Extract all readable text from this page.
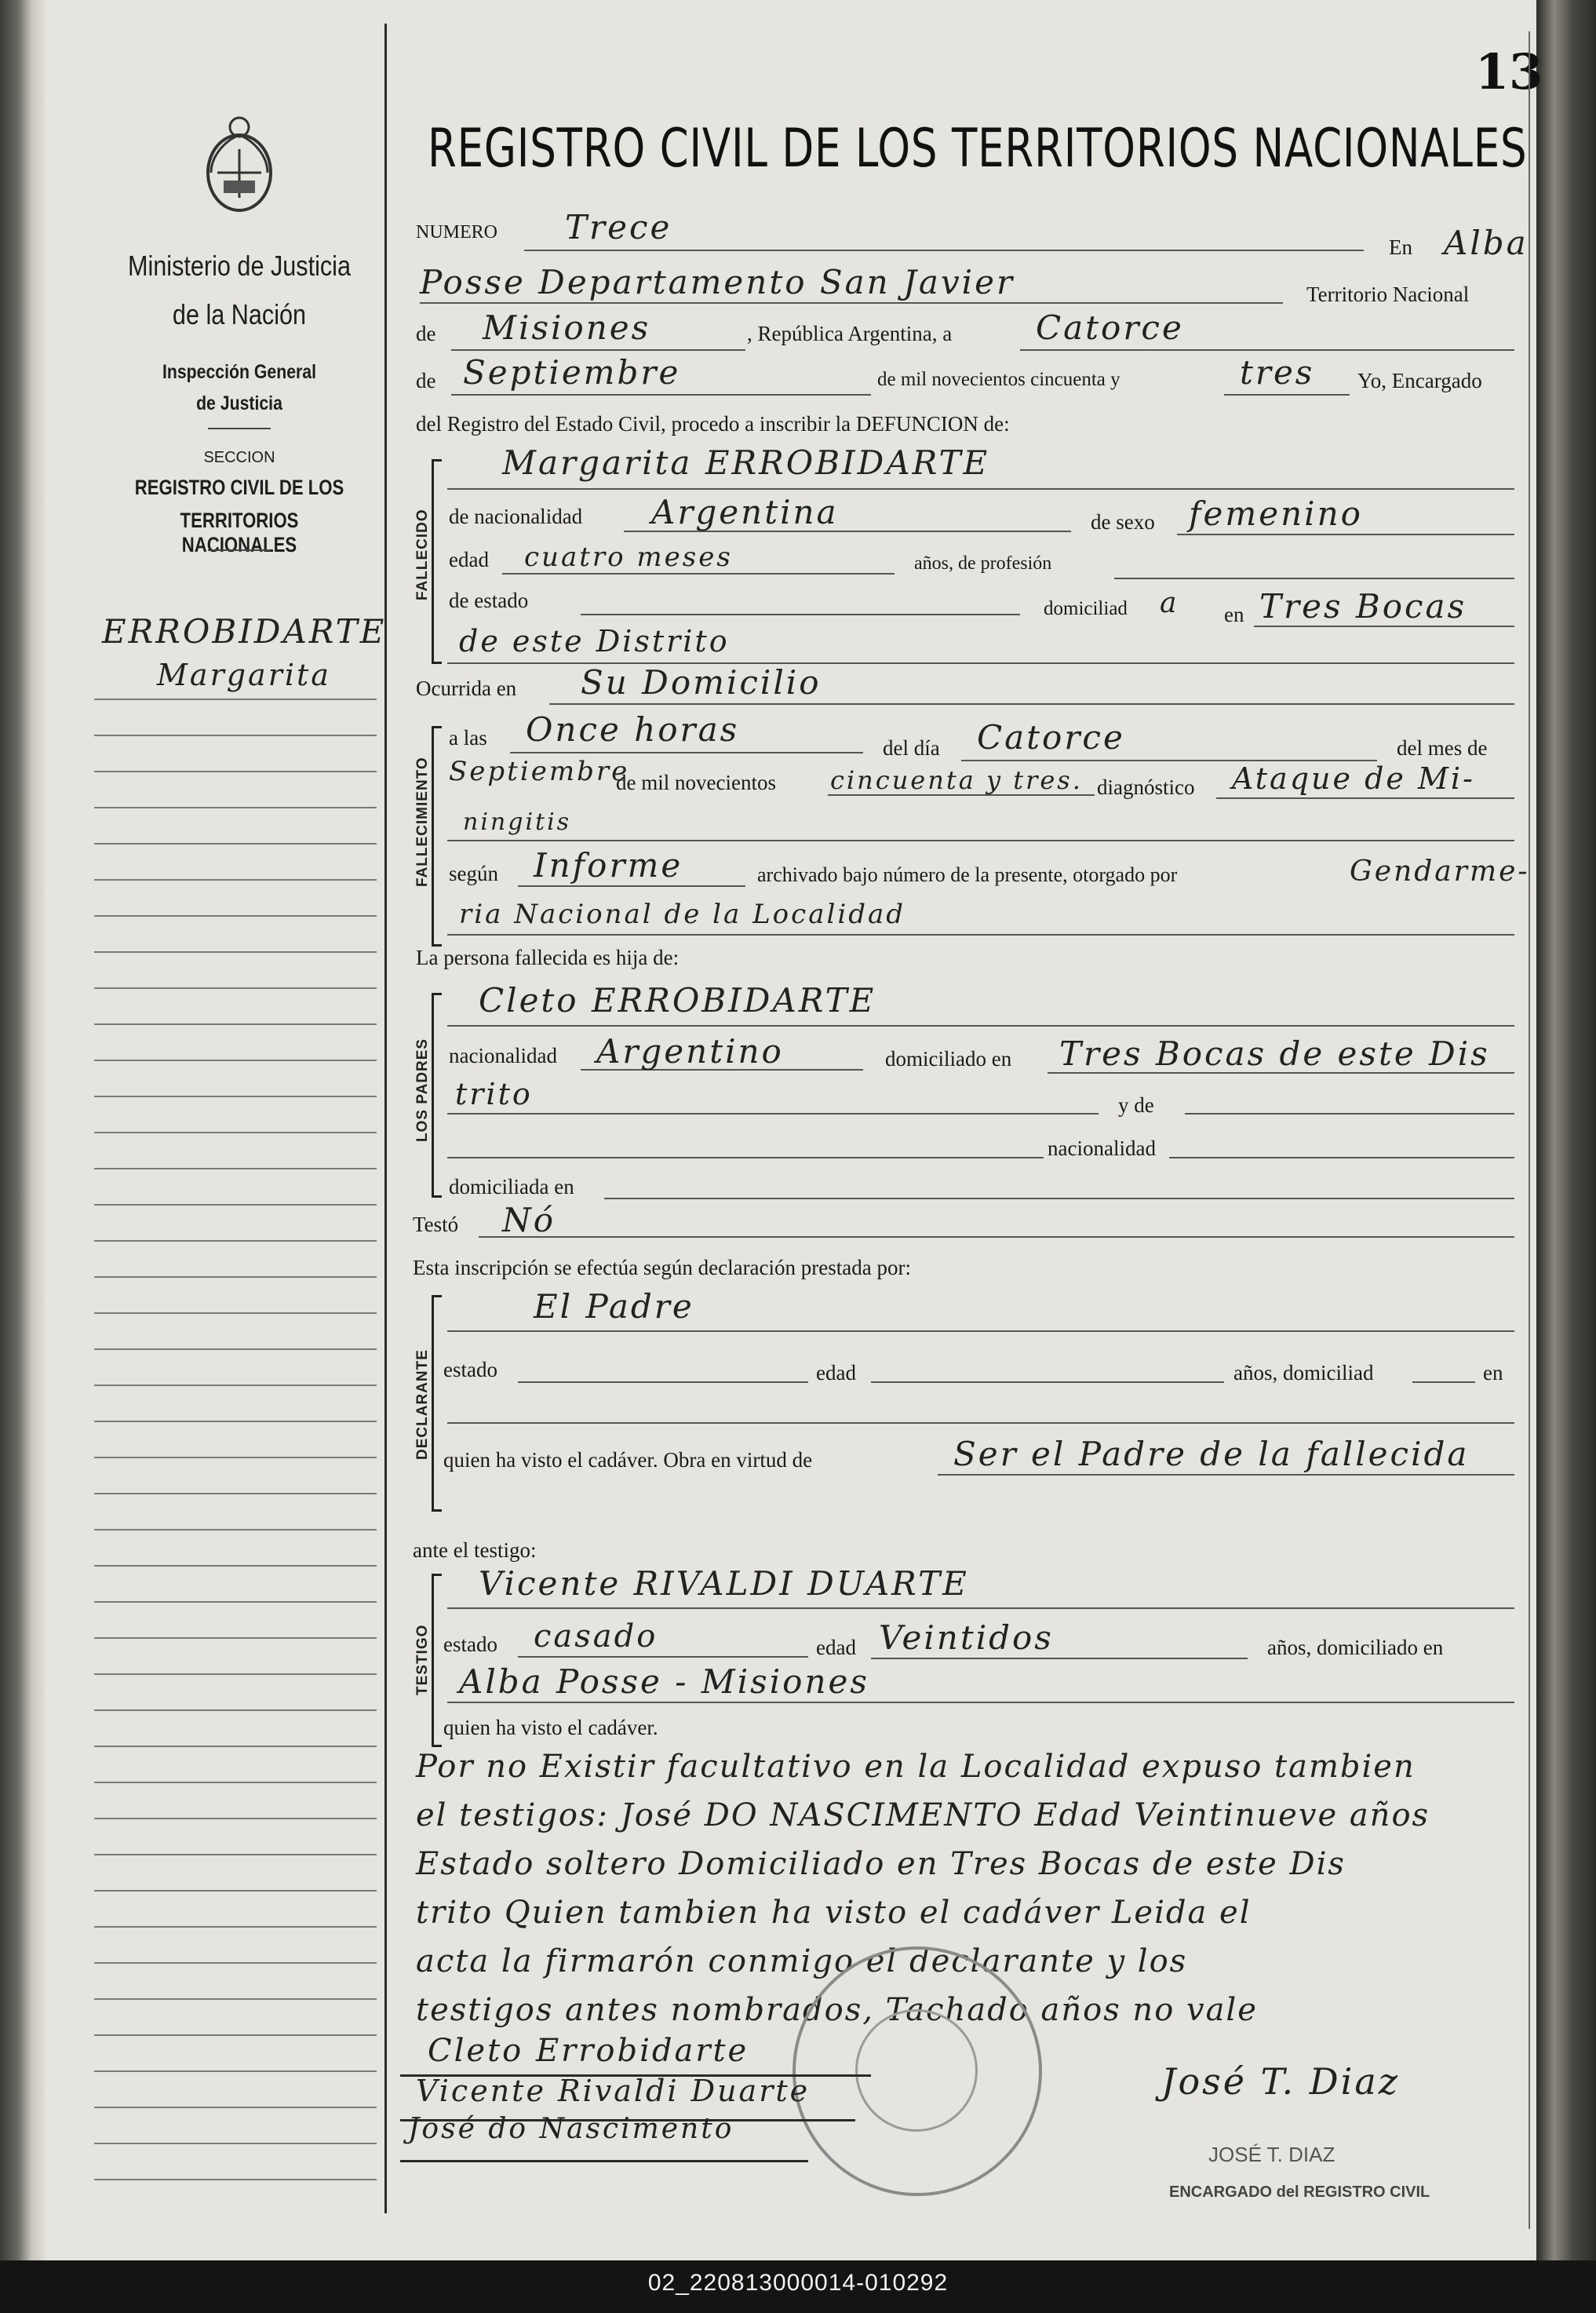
Ministerio de Justicia
de la Nación
Inspección General
de Justicia
SECCION
REGISTRO CIVIL DE LOS
TERRITORIOS NACIONALES
ERROBIDARTE
Margarita
13
REGISTRO CIVIL DE LOS TERRITORIOS NACIONALES
NUMERO Trece
En Alba
Posse Departamento San Javier	Territorio Nacional
de Misiones	, República Argentina, a	Catorce
de Septiembre	de mil novecientos cincuenta y	tres Yo, Encargado
del Registro del Estado Civil, procedo a inscribir la DEFUNCION de:
FALLECIDO
Margarita ERROBIDARTE
de nacionalidad Argentina	de sexo femenino
edad cuatro meses	años, de profesión
de estado	domiciliad a en Tres Bocas
de este Distrito
Ocurrida en Su Domicilio
FALLECIMIENTO
a las Once horas	del día Catorce	del mes de
Septiembre
de mil novecientos cincuenta y tres. diagnóstico Ataque de Mi-
ningitis
según Informe	archivado bajo número de la presente, otorgado por	Gendarme-
ria Nacional de la Localidad
La persona fallecida es hija de:
LOS PADRES
Cleto ERROBIDARTE
nacionalidad Argentino	domiciliado en Tres Bocas de este Dis
trito	y de
nacionalidad
domiciliada en
Testó Nó
Esta inscripción se efectúa según declaración prestada por:
DECLARANTE
El Padre
estado	edad	años, domiciliad	en
quien ha visto el cadáver. Obra en virtud de	Ser el Padre de la fallecida
ante el testigo:
TESTIGO
Vicente RIVALDI DUARTE
estado casado	edad Veintidos	años, domiciliado en
Alba Posse - Misiones
quien ha visto el cadáver.
Por no Existir facultativo en la Localidad expuso tambien
el testigos: José DO NASCIMENTO Edad Veintinueve años
Estado soltero Domiciliado en Tres Bocas de este Dis
trito Quien tambien ha visto el cadáver Leida el
acta la firmarón conmigo el declarante y los
testigos antes nombrados, Tachado años no vale
Cleto Errobidarte
Vicente Rivaldi Duarte
José do Nascimento
José T. Diaz
JOSÉ T. DIAZ
ENCARGADO del REGISTRO CIVIL
02_220813000014-010292
